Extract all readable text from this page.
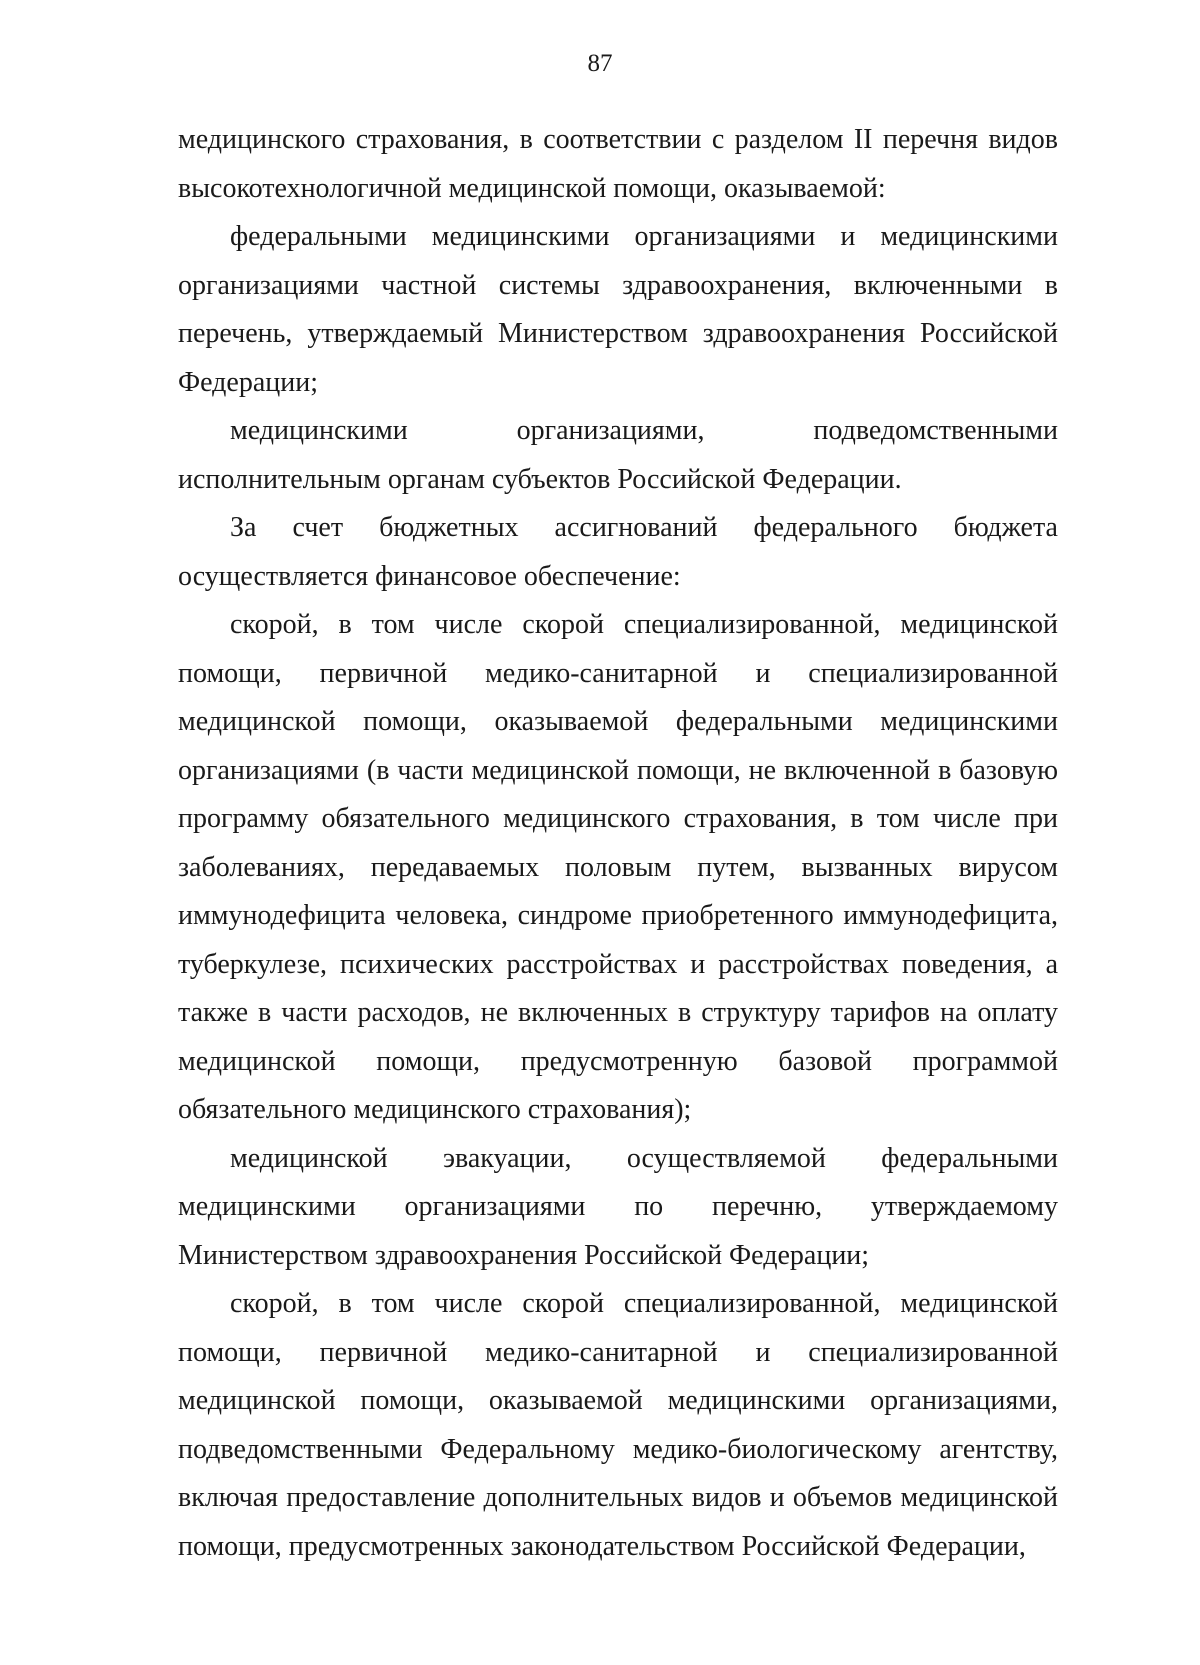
87

медицинского страхования, в соответствии с разделом II перечня видов высокотехнологичной медицинской помощи, оказываемой:

федеральными медицинскими организациями и медицинскими организациями частной системы здравоохранения, включенными в перечень, утверждаемый Министерством здравоохранения Российской Федерации;

медицинскими организациями, подведомственными исполнительным органам субъектов Российской Федерации.

За счет бюджетных ассигнований федерального бюджета осуществляется финансовое обеспечение:

скорой, в том числе скорой специализированной, медицинской помощи, первичной медико-санитарной и специализированной медицинской помощи, оказываемой федеральными медицинскими организациями (в части медицинской помощи, не включенной в базовую программу обязательного медицинского страхования, в том числе при заболеваниях, передаваемых половым путем, вызванных вирусом иммунодефицита человека, синдроме приобретенного иммунодефицита, туберкулезе, психических расстройствах и расстройствах поведения, а также в части расходов, не включенных в структуру тарифов на оплату медицинской помощи, предусмотренную базовой программой обязательного медицинского страхования);

медицинской эвакуации, осуществляемой федеральными медицинскими организациями по перечню, утверждаемому Министерством здравоохранения Российской Федерации;

скорой, в том числе скорой специализированной, медицинской помощи, первичной медико-санитарной и специализированной медицинской помощи, оказываемой медицинскими организациями, подведомственными Федеральному медико-биологическому агентству, включая предоставление дополнительных видов и объемов медицинской помощи, предусмотренных законодательством Российской Федерации,
